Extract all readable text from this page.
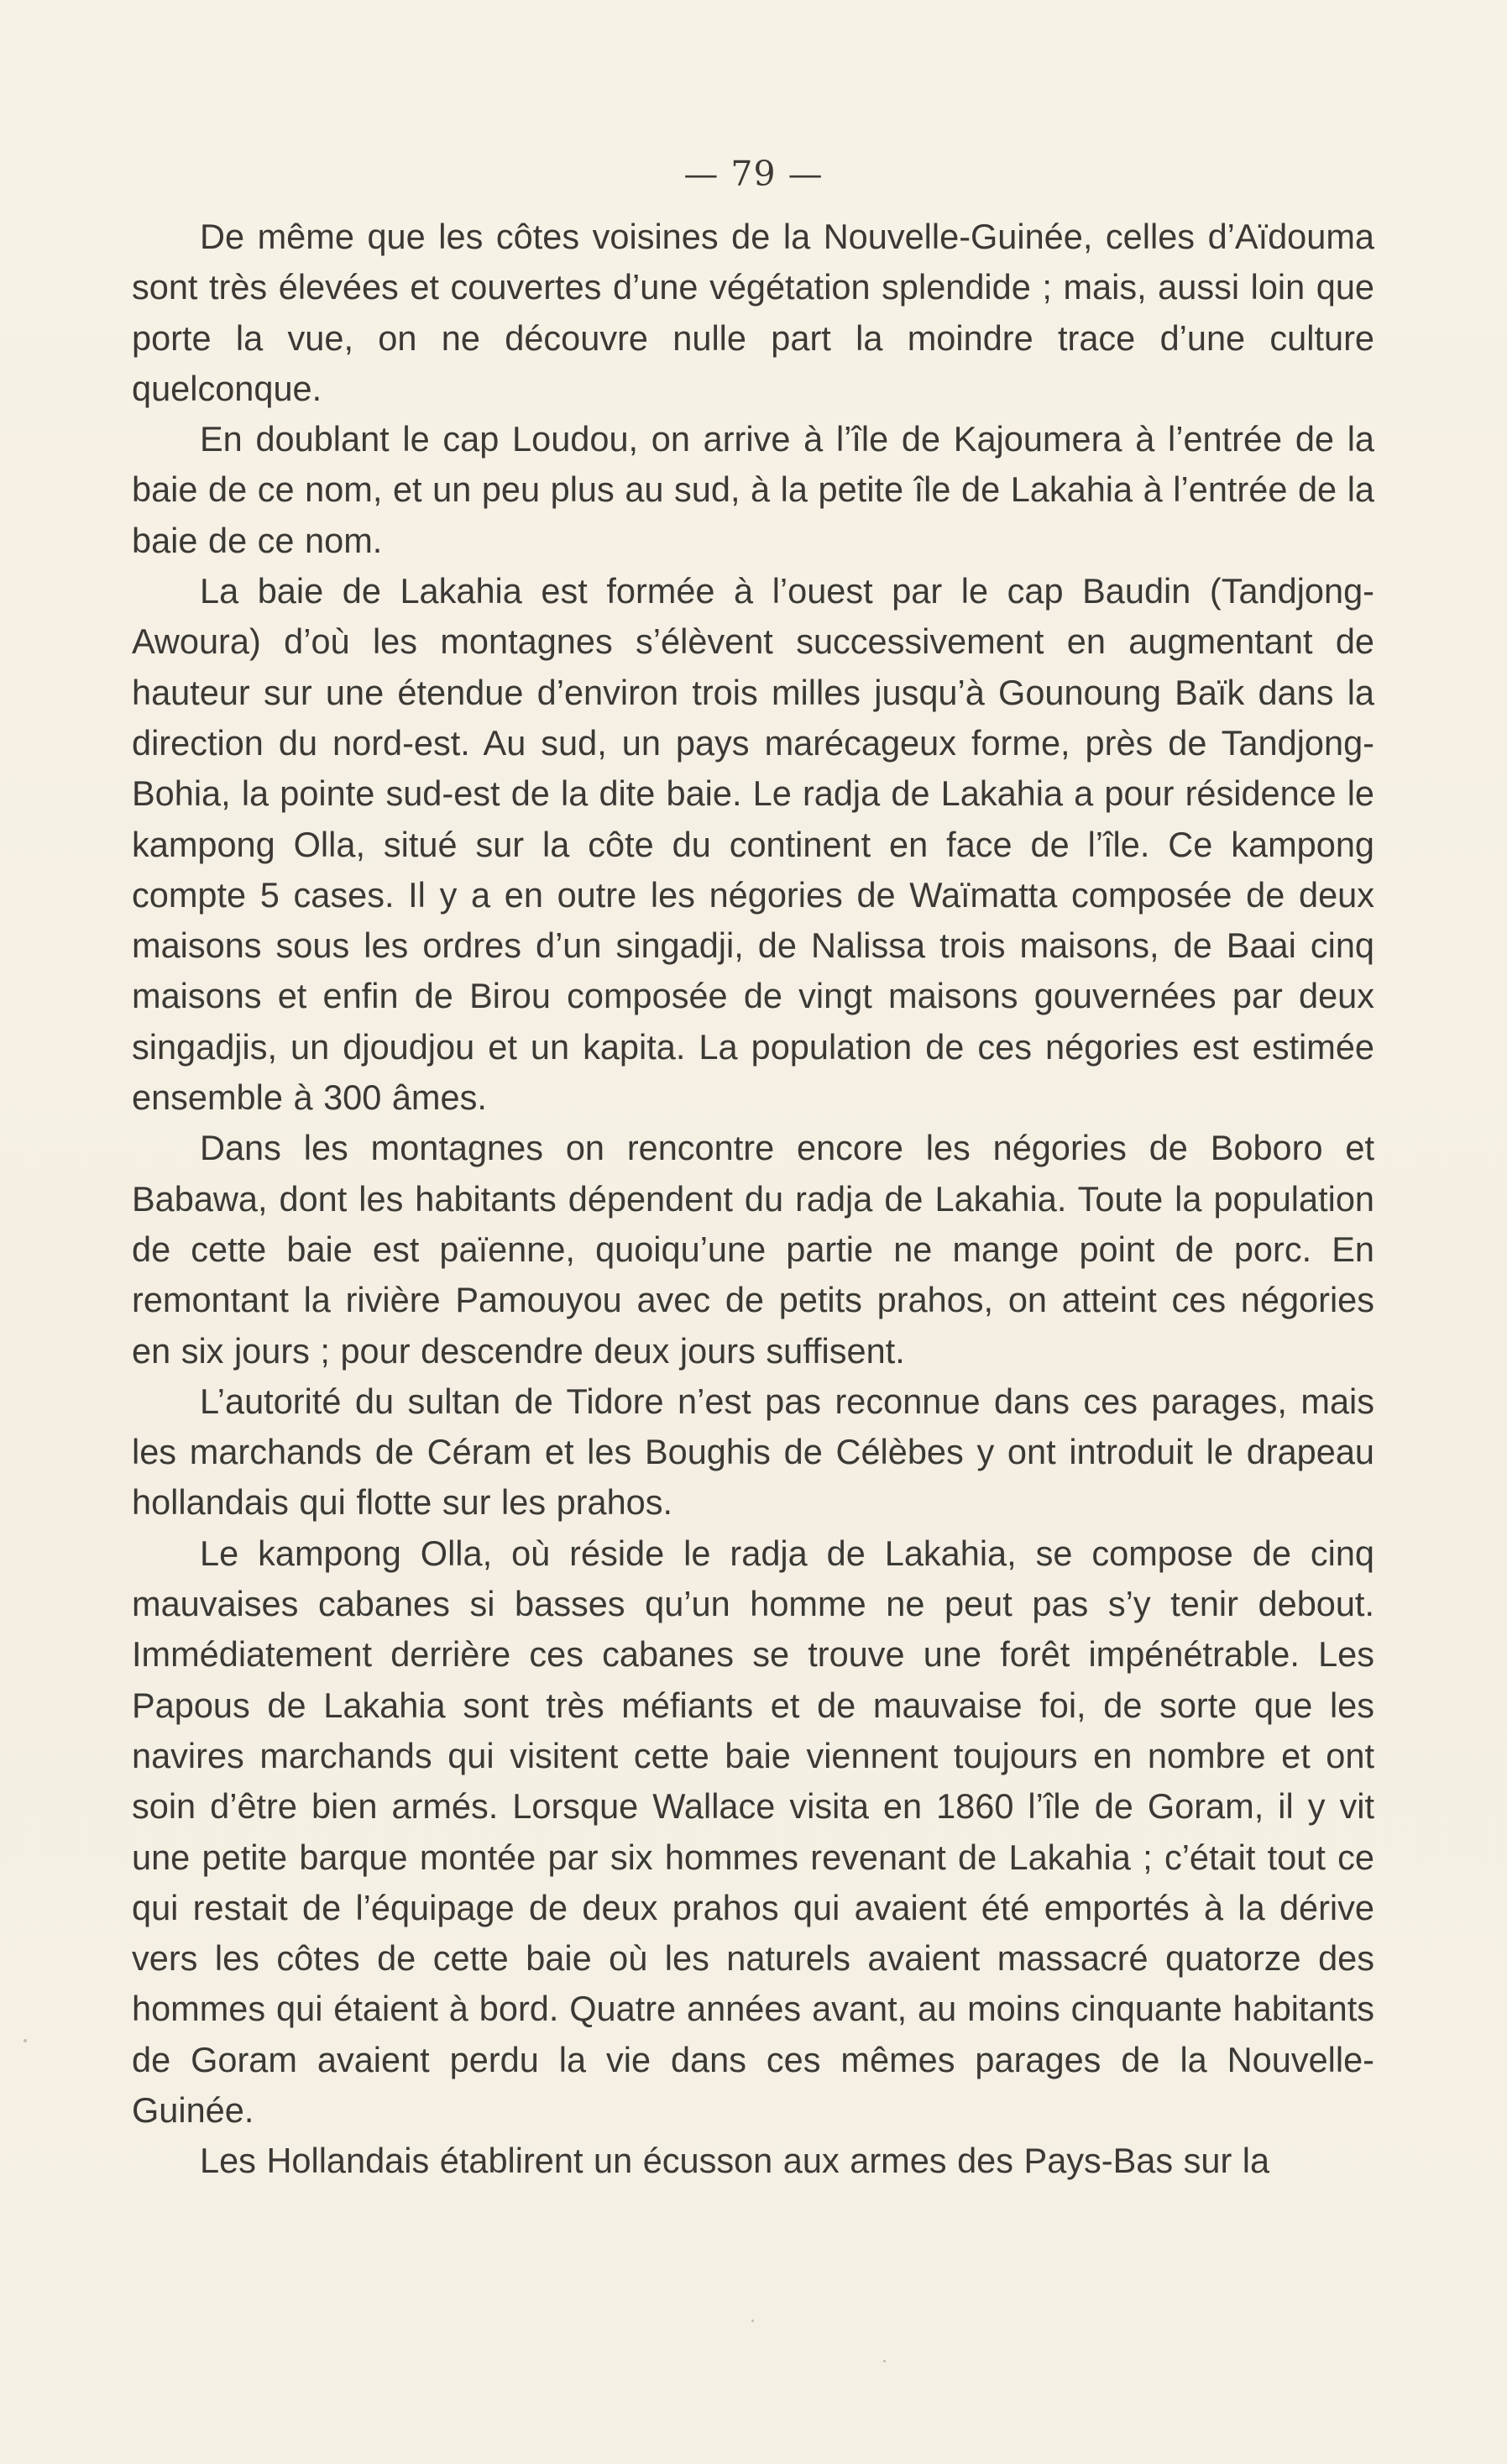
— 79 —

De même que les côtes voisines de la Nouvelle-Guinée, celles d’Aïdouma sont très élevées et couvertes d’une végétation splendide ; mais, aussi loin que porte la vue, on ne découvre nulle part la moindre trace d’une culture quelconque.

En doublant le cap Loudou, on arrive à l’île de Kajoumera à l’entrée de la baie de ce nom, et un peu plus au sud, à la petite île de Lakahia à l’entrée de la baie de ce nom.

La baie de Lakahia est formée à l’ouest par le cap Baudin (Tandjong-Awoura) d’où les montagnes s’élèvent successivement en augmentant de hauteur sur une étendue d’environ trois milles jusqu’à Gounoung Baïk dans la direction du nord-est. Au sud, un pays marécageux forme, près de Tandjong-Bohia, la pointe sud-est de la dite baie. Le radja de Lakahia a pour résidence le kampong Olla, situé sur la côte du continent en face de l’île. Ce kampong compte 5 cases. Il y a en outre les négories de Waïmatta composée de deux maisons sous les ordres d’un singadji, de Nalissa trois maisons, de Baai cinq maisons et enfin de Birou composée de vingt maisons gouvernées par deux singadjis, un djoudjou et un kapita. La population de ces négories est estimée ensemble à 300 âmes.

Dans les montagnes on rencontre encore les négories de Boboro et Babawa, dont les habitants dépendent du radja de Lakahia. Toute la population de cette baie est païenne, quoiqu’une partie ne mange point de porc. En remontant la rivière Pamouyou avec de petits prahos, on atteint ces négories en six jours ; pour descendre deux jours suffisent.

L’autorité du sultan de Tidore n’est pas reconnue dans ces parages, mais les marchands de Céram et les Boughis de Célèbes y ont introduit le drapeau hollandais qui flotte sur les prahos.

Le kampong Olla, où réside le radja de Lakahia, se compose de cinq mauvaises cabanes si basses qu’un homme ne peut pas s’y tenir debout. Immédiatement derrière ces cabanes se trouve une forêt impénétrable. Les Papous de Lakahia sont très méfiants et de mauvaise foi, de sorte que les navires marchands qui visitent cette baie viennent toujours en nombre et ont soin d’être bien armés. Lorsque Wallace visita en 1860 l’île de Goram, il y vit une petite barque montée par six hommes revenant de Lakahia ; c’était tout ce qui restait de l’équipage de deux prahos qui avaient été emportés à la dérive vers les côtes de cette baie où les naturels avaient massacré quatorze des hommes qui étaient à bord. Quatre années avant, au moins cinquante habitants de Goram avaient perdu la vie dans ces mêmes parages de la Nouvelle-Guinée.

Les Hollandais établirent un écusson aux armes des Pays-Bas sur la
